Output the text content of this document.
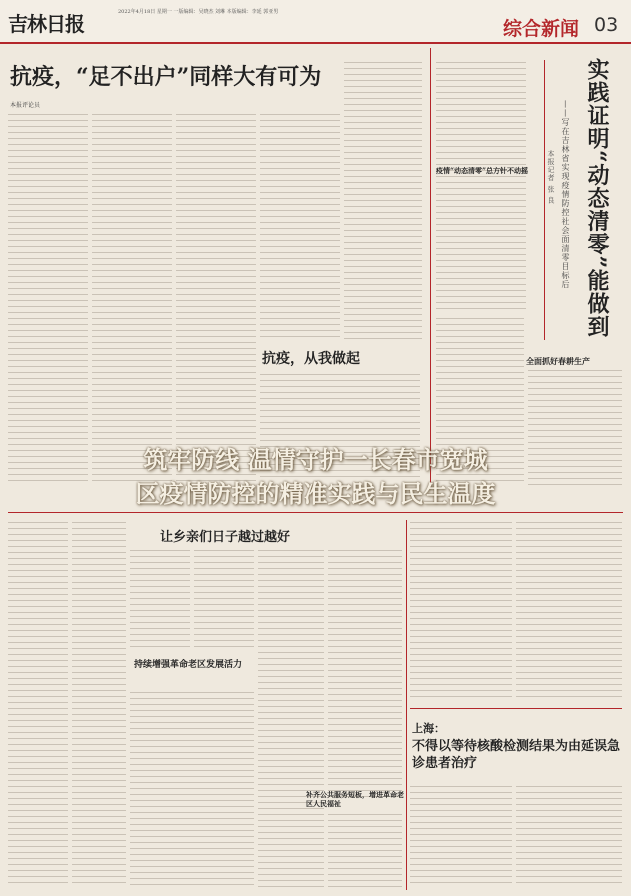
吉林日报	2022年4月18日 星期一 一版编辑：吴晓杰 刘琳 本版编辑：李延 郭亚男
综合新闻 03
抗疫，“足不出户”同样大有可为
本报评论员
抗疫，从我做起
疫情“动态清零”总方针不动摇	实践证明“动态清零”能做到
——写在吉林省实现疫情防控社会面清零目标后
本报记者 张 良
全面抓好春耕生产
筑牢防线 温情守护一长春市宽城
区疫情防控的精准实践与民生温度
让乡亲们日子越过越好
持续增强革命老区发展活力
补齐公共服务短板，增进革命老区人民福祉
上海：
不得以等待核酸检测结果为由延误急诊患者治疗
